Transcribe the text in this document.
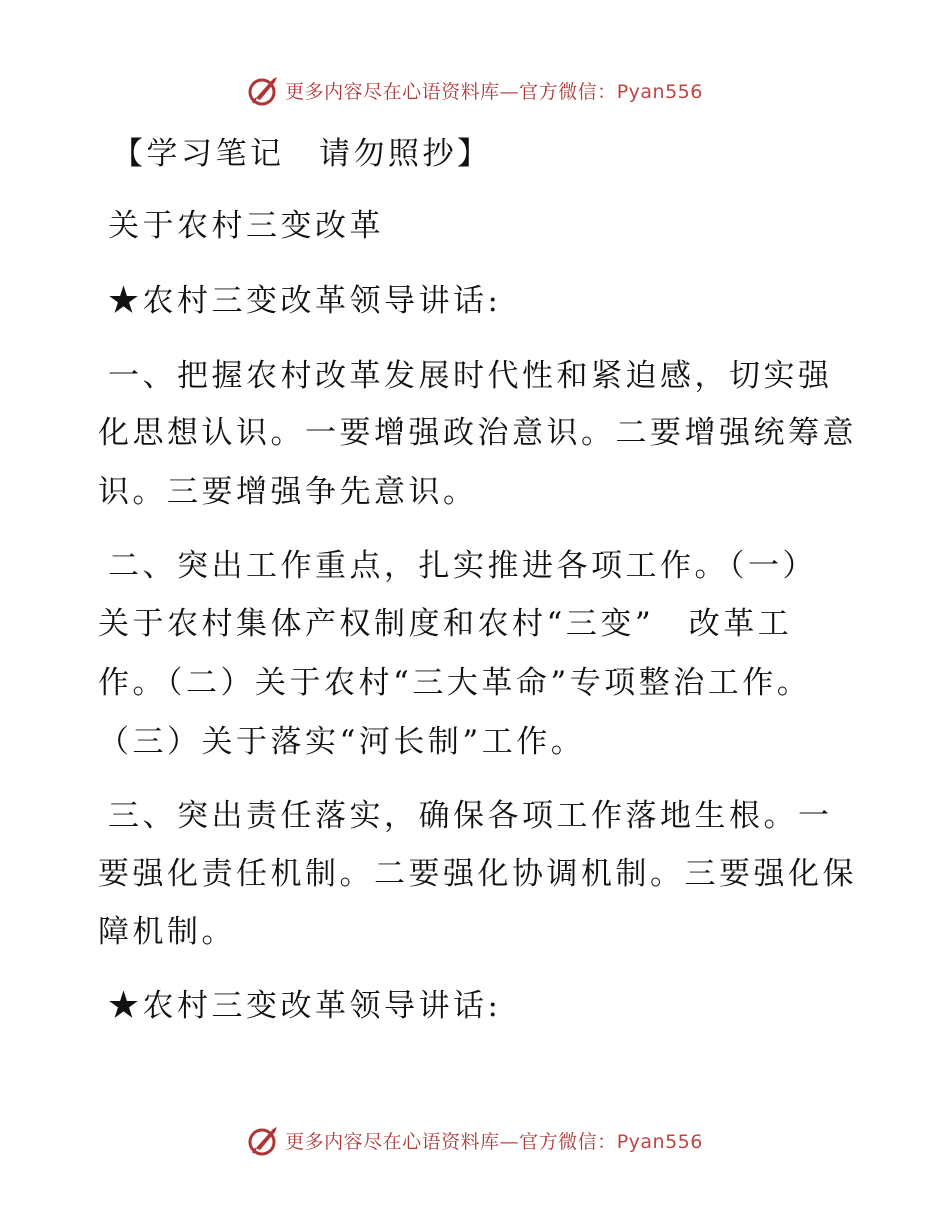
更多内容尽在心语资料库—官方微信：Pyan556
【学习笔记　请勿照抄】
关于农村三变改革
★农村三变改革领导讲话:
一、把握农村改革发展时代性和紧迫感，切实强
化思想认识。一要增强政治意识。二要增强统筹意
识。三要增强争先意识。
二、突出工作重点，扎实推进各项工作。（一）
关于农村集体产权制度和农村“三变”　改革工
作。（二）关于农村“三大革命”专项整治工作。
（三）关于落实“河长制”工作。
三、突出责任落实，确保各项工作落地生根。一
要强化责任机制。二要强化协调机制。三要强化保
障机制。
★农村三变改革领导讲话:
更多内容尽在心语资料库—官方微信：Pyan556
